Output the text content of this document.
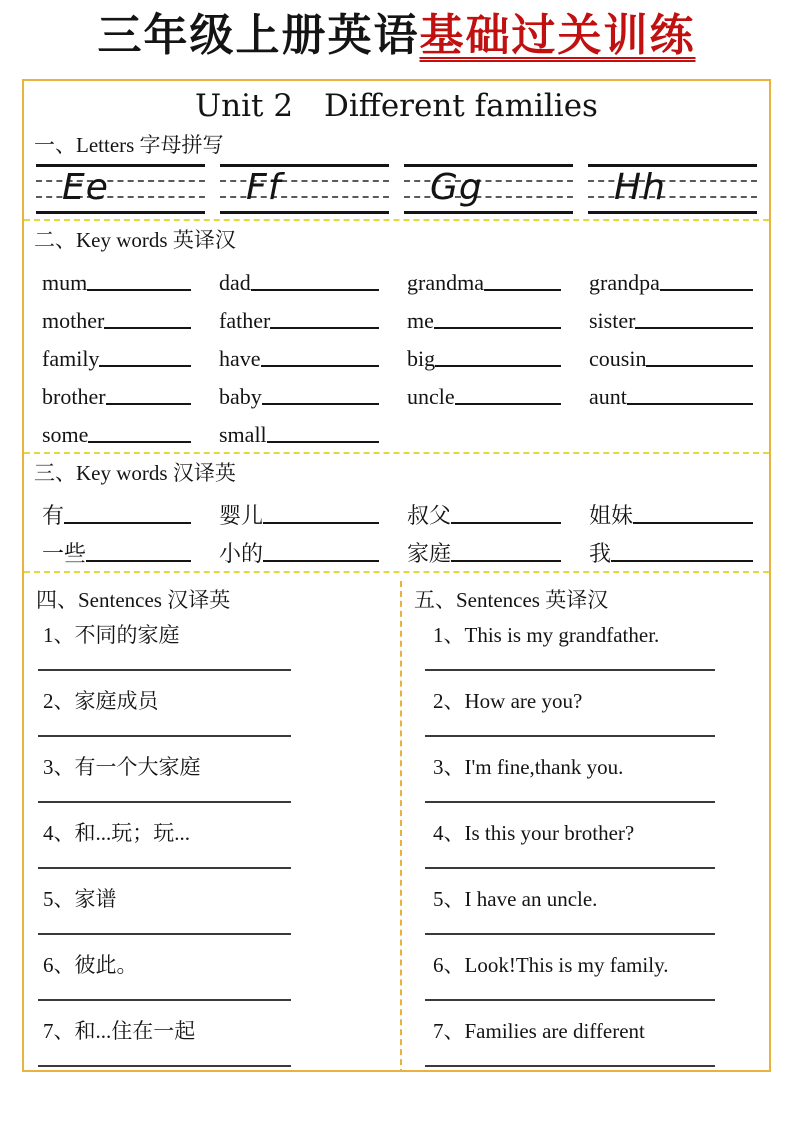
三年级上册英语基础过关训练
Unit 2　Different families
一、Letters 字母拼写
Ee	Ff	Gg	Hh
二、Key words 英译汉
mum	dad	grandma	grandpa
mother	father	me	sister
family	have	big	cousin
brother	baby	uncle	aunt
some	small
三、Key words 汉译英
有	婴儿	叔父	姐妹
一些	小的	家庭	我
四、Sentences 汉译英
1、不同的家庭
2、家庭成员
3、有一个大家庭
4、和...玩；玩...
5、家谱
6、彼此。
7、和...住在一起
五、Sentences 英译汉
1、This is my grandfather.
2、How are you?
3、I'm fine,thank you.
4、Is this your brother?
5、I have an uncle.
6、Look!This is my family.
7、Families are different
